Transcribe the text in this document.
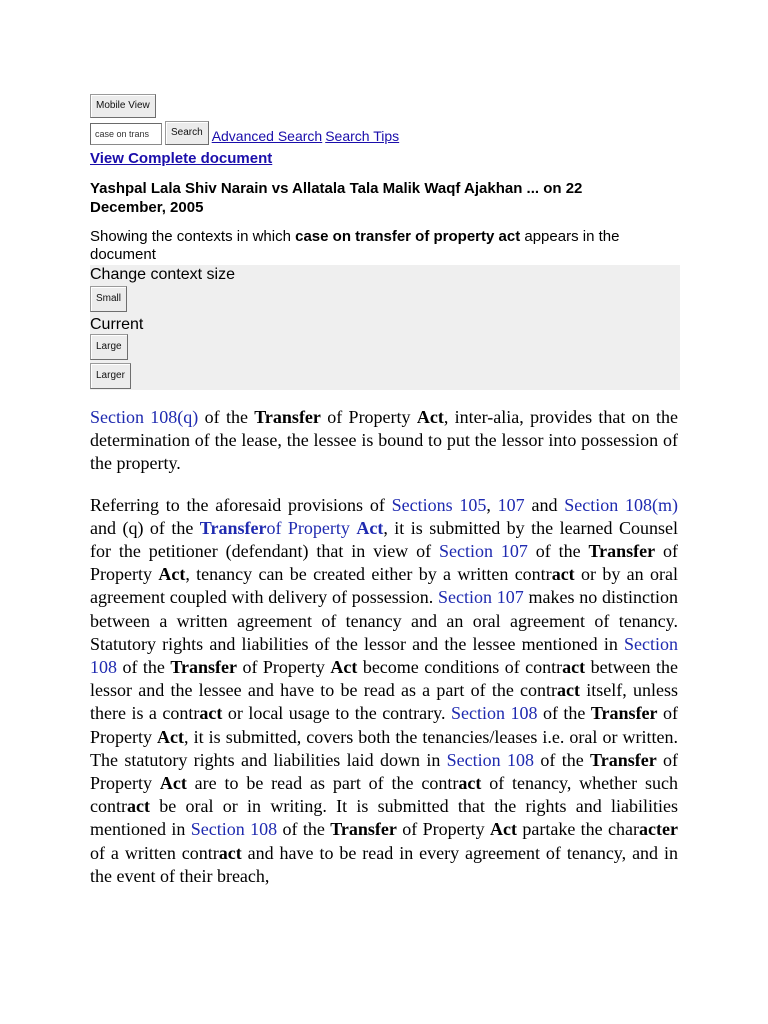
Mobile View
case on trans	Search Advanced Search Search Tips
View Complete document
Yashpal Lala Shiv Narain vs Allatala Tala Malik Waqf Ajakhan ... on 22 December, 2005
Showing the contexts in which case on transfer of property act appears in the document
Change context size
Small
Current
Large
Larger

Section 108(q) of the Transfer of Property Act, inter-alia, provides that on the determination of the lease, the lessee is bound to put the lessor into possession of the property.

Referring to the aforesaid provisions of Sections 105, 107 and Section 108(m) and (q) of the Transferof Property Act, it is submitted by the learned Counsel for the petitioner (defendant) that in view of Section 107 of the Transfer of Property Act, tenancy can be created either by a written contract or by an oral agreement coupled with delivery of possession. Section 107 makes no distinction between a written agreement of tenancy and an oral agreement of tenancy. Statutory rights and liabilities of the lessor and the lessee mentioned in Section 108 of the Transfer of Property Act become conditions of contract between the lessor and the lessee and have to be read as a part of the contract itself, unless there is a contract or local usage to the contrary. Section 108 of the Transfer of Property Act, it is submitted, covers both the tenancies/leases i.e. oral or written. The statutory rights and liabilities laid down in Section 108 of the Transfer of Property Act are to be read as part of the contract of tenancy, whether such contract be oral or in writing. It is submitted that the rights and liabilities mentioned in Section 108 of the Transfer of Property Act partake the character of a written contract and have to be read in every agreement of tenancy, and in the event of their breach,
